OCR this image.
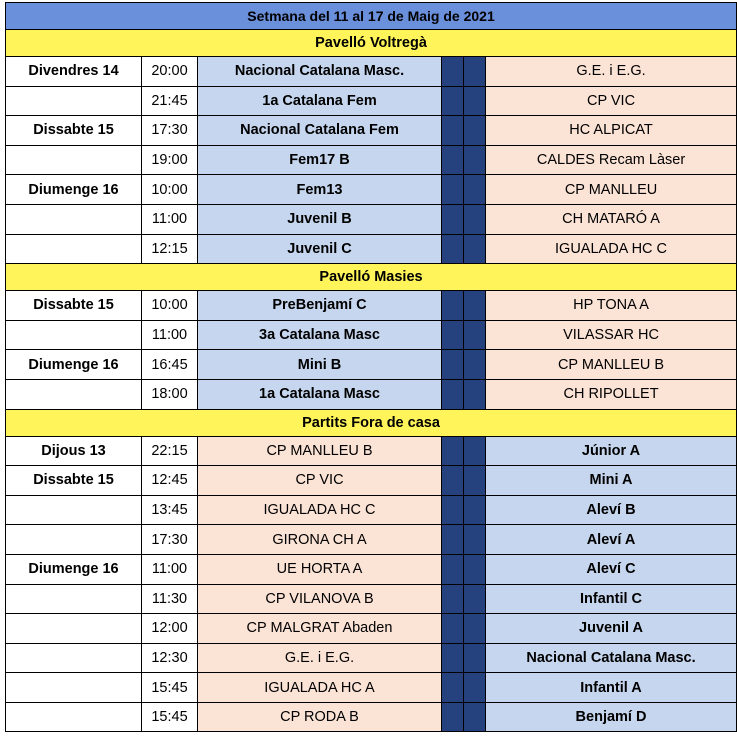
Setmana del 11 al 17 de Maig de 2021					
Pavelló Voltregà					
Divendres 14	20:00	Nacional Catalana Masc.			G.E. i E.G.
	21:45	1a Catalana Fem			CP VIC
Dissabte 15	17:30	Nacional Catalana Fem			HC ALPICAT
	19:00	Fem17 B			CALDES Recam Làser
Diumenge 16	10:00	Fem13			CP MANLLEU
	11:00	Juvenil B			CH MATARÓ A
	12:15	Juvenil C			IGUALADA HC C
Pavelló Masies					
Dissabte 15	10:00	PreBenjamí C			HP TONA A
	11:00	3a Catalana Masc			VILASSAR HC
Diumenge 16	16:45	Mini B			CP MANLLEU B
	18:00	1a Catalana Masc			CH RIPOLLET
Partits Fora de casa					
Dijous 13	22:15	CP MANLLEU B			Júnior A
Dissabte 15	12:45	CP VIC			Mini A
	13:45	IGUALADA HC C			Aleví B
	17:30	GIRONA CH A			Aleví A
Diumenge 16	11:00	UE HORTA A			Aleví C
	11:30	CP VILANOVA B			Infantil C
	12:00	CP MALGRAT Abaden			Juvenil A
	12:30	G.E. i E.G.			Nacional Catalana Masc.
	15:45	IGUALADA HC A			Infantil A
	15:45	CP RODA B			Benjamí D
